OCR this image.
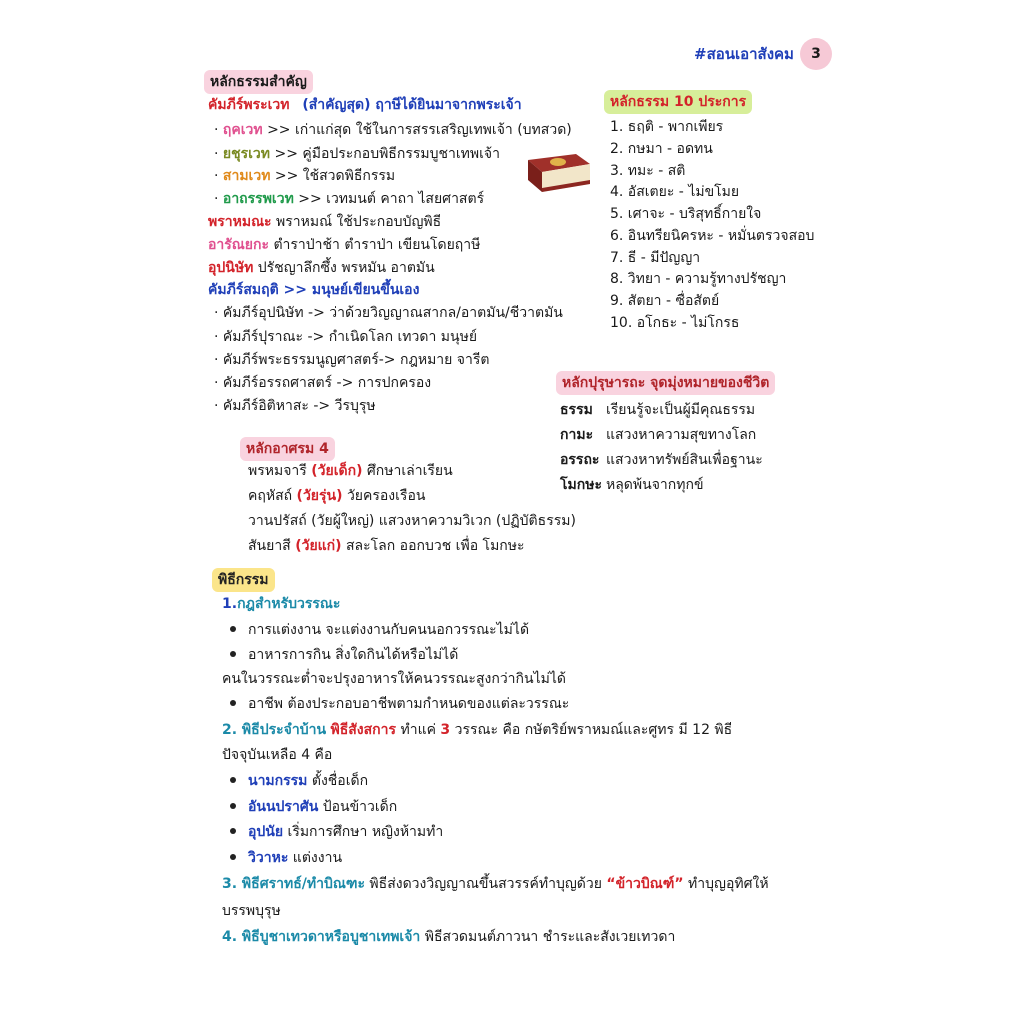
#สอนเอาสังคม 3
หลักธรรมสำคัญ
คัมภีร์พระเวท (สำคัญสุด) ฤาษีได้ยินมาจากพระเจ้า
· ฤคเวท >> เก่าแก่สุด ใช้ในการสรรเสริญเทพเจ้า (บทสวด)
· ยชุรเวท >> คู่มือประกอบพิธีกรรมบูชาเทพเจ้า
· สามเวท >> ใช้สวดพิธีกรรม
· อาถรรพเวท >> เวทมนต์ คาถา ไสยศาสตร์
พราหมณะ พราหมณ์ ใช้ประกอบบัญพิธี
อารัณยกะ ตำราป่าช้า ตำราป่า เขียนโดยฤาษี
อุปนิษัท ปรัชญาลึกซึ้ง พรหมัน อาตมัน
คัมภีร์สมฤติ >> มนุษย์เขียนขึ้นเอง
· คัมภีร์อุปนิษัท -> ว่าด้วยวิญญาณสากล/อาตมัน/ชีวาตมัน
· คัมภีร์ปุราณะ -> กำเนิดโลก เทวดา มนุษย์
· คัมภีร์พระธรรมนูญศาสตร์-> กฎหมาย จารีต
· คัมภีร์อรรถศาสตร์ -> การปกครอง
· คัมภีร์อิติหาสะ -> วีรบุรุษ
หลักธรรม 10 ประการ
1. ธฤติ - พากเพียร
2. กษมา - อดทน
3. ทมะ - สติ
4. อัสเตยะ - ไม่ขโมย
5. เศาจะ - บริสุทธิ์กายใจ
6. อินทรียนิครหะ - หมั่นตรวจสอบ
7. ธี - มีปัญญา
8. วิทยา - ความรู้ทางปรัชญา
9. สัตยา - ซื่อสัตย์
10. อโกธะ - ไม่โกรธ
หลักปุรุษารถะ จุดมุ่งหมายของชีวิต
ธรรม เรียนรู้จะเป็นผู้มีคุณธรรม
กามะ แสวงหาความสุขทางโลก
อรรถะ แสวงหาทรัพย์สินเพื่อฐานะ
โมกษะ หลุดพ้นจากทุกข์
หลักอาศรม 4
พรหมจารี (วัยเด็ก) ศึกษาเล่าเรียน
คฤหัสถ์ (วัยรุ่น) วัยครองเรือน
วานปรัสถ์ (วัยผู้ใหญ่) แสวงหาความวิเวก (ปฏิบัติธรรม)
สันยาสี (วัยแก่) สละโลก ออกบวช เพื่อ โมกษะ
พิธีกรรม
1.กฎสำหรับวรรณะ
การแต่งงาน จะแต่งงานกับคนนอกวรรณะไม่ได้
อาหารการกิน สิ่งใดกินได้หรือไม่ได้
คนในวรรณะต่ำจะปรุงอาหารให้คนวรรณะสูงกว่ากินไม่ได้
อาชีพ ต้องประกอบอาชีพตามกำหนดของแต่ละวรรณะ
2. พิธีประจำบ้าน พิธีสังสการ ทำแค่ 3 วรรณะ คือ กษัตริย์พราหมณ์และศูทร มี 12 พิธี
ปัจจุบันเหลือ 4 คือ
นามกรรม ตั้งชื่อเด็ก
อันนปราศัน ป้อนข้าวเด็ก
อุปนัย เริ่มการศึกษา หญิงห้ามทำ
วิวาหะ แต่งงาน
3. พิธีศราทธ์/ทำบิณฑะ พิธีส่งดวงวิญญาณขึ้นสวรรค์ทำบุญด้วย “ข้าวบิณฑ์” ทำบุญอุทิศให้
บรรพบุรุษ
4. พิธีบูชาเทวดาหรือบูชาเทพเจ้า พิธีสวดมนต์ภาวนา ชำระและสังเวยเทวดา
